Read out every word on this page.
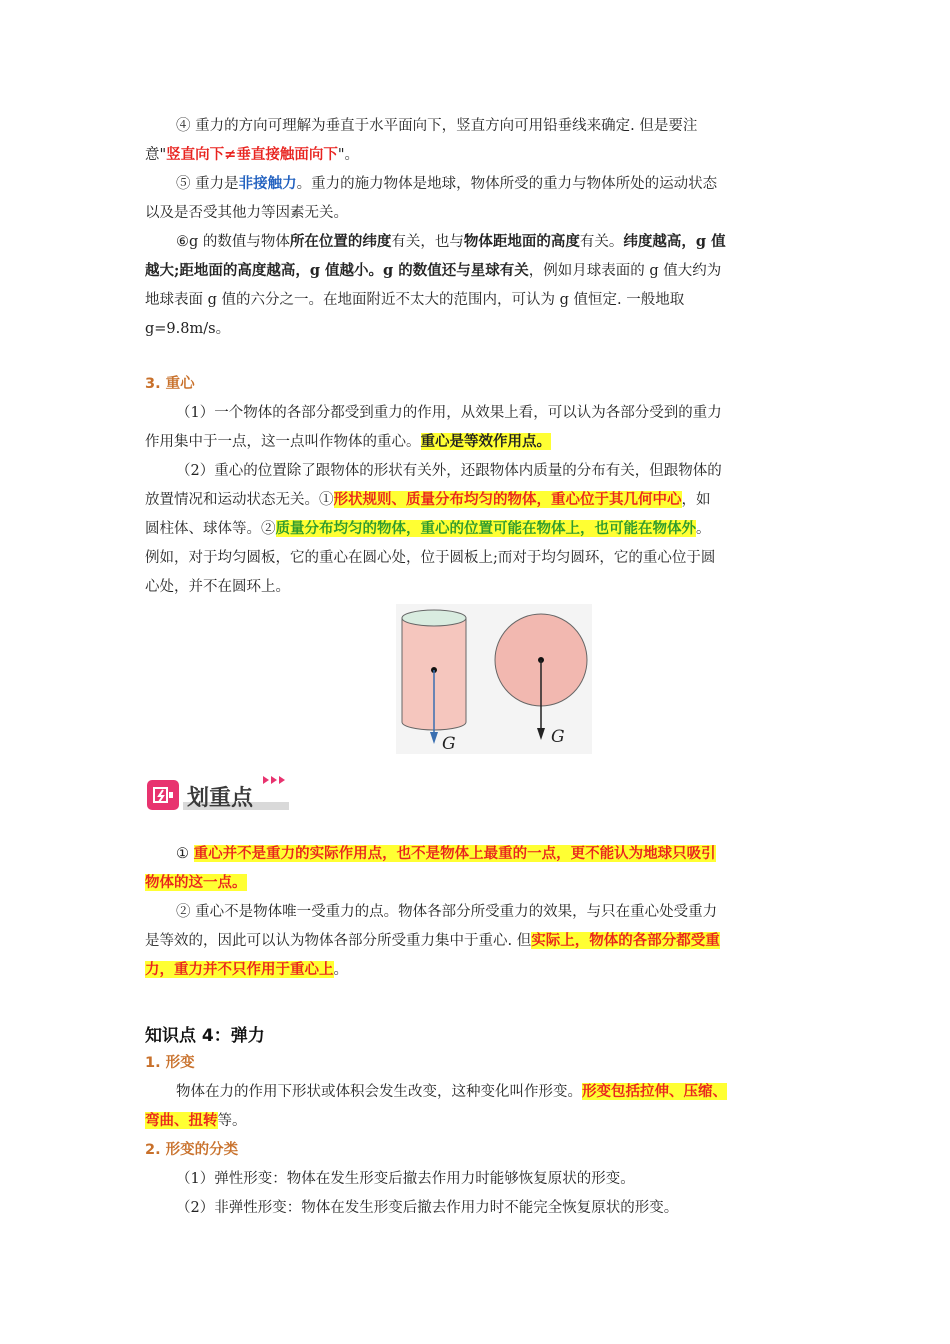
④ 重力的方向可理解为垂直于水平面向下，竖直方向可用铅垂线来确定. 但是要注
意"竖直向下≠垂直接触面向下"。
⑤ 重力是非接触力。重力的施力物体是地球，物体所受的重力与物体所处的运动状态
以及是否受其他力等因素无关。
⑥g 的数值与物体所在位置的纬度有关，也与物体距地面的高度有关。纬度越高，g 值
越大;距地面的高度越高，g 值越小。g 的数值还与星球有关，例如月球表面的 g 值大约为
地球表面 g 值的六分之一。在地面附近不太大的范围内，可认为 g 值恒定. 一般地取
g=9.8m/s。
3. 重心
（1）一个物体的各部分都受到重力的作用，从效果上看，可以认为各部分受到的重力
作用集中于一点，这一点叫作物体的重心。重心是等效作用点。
（2）重心的位置除了跟物体的形状有关外，还跟物体内质量的分布有关，但跟物体的
放置情况和运动状态无关。①形状规则、质量分布均匀的物体，重心位于其几何中心，如
圆柱体、球体等。②质量分布均匀的物体，重心的位置可能在物体上，也可能在物体外。
例如，对于均匀圆板，它的重心在圆心处，位于圆板上;而对于均匀圆环，它的重心位于圆
心处，并不在圆环上。
G	G
划重点
① 重心并不是重力的实际作用点，也不是物体上最重的一点，更不能认为地球只吸引
物体的这一点。
② 重心不是物体唯一受重力的点。物体各部分所受重力的效果，与只在重心处受重力
是等效的，因此可以认为物体各部分所受重力集中于重心. 但实际上，物体的各部分都受重
力，重力并不只作用于重心上。
知识点 4：弹力
1. 形变
物体在力的作用下形状或体积会发生改变，这种变化叫作形变。形变包括拉伸、压缩、
弯曲、扭转等。
2. 形变的分类
（1）弹性形变：物体在发生形变后撤去作用力时能够恢复原状的形变。
（2）非弹性形变：物体在发生形变后撤去作用力时不能完全恢复原状的形变。
